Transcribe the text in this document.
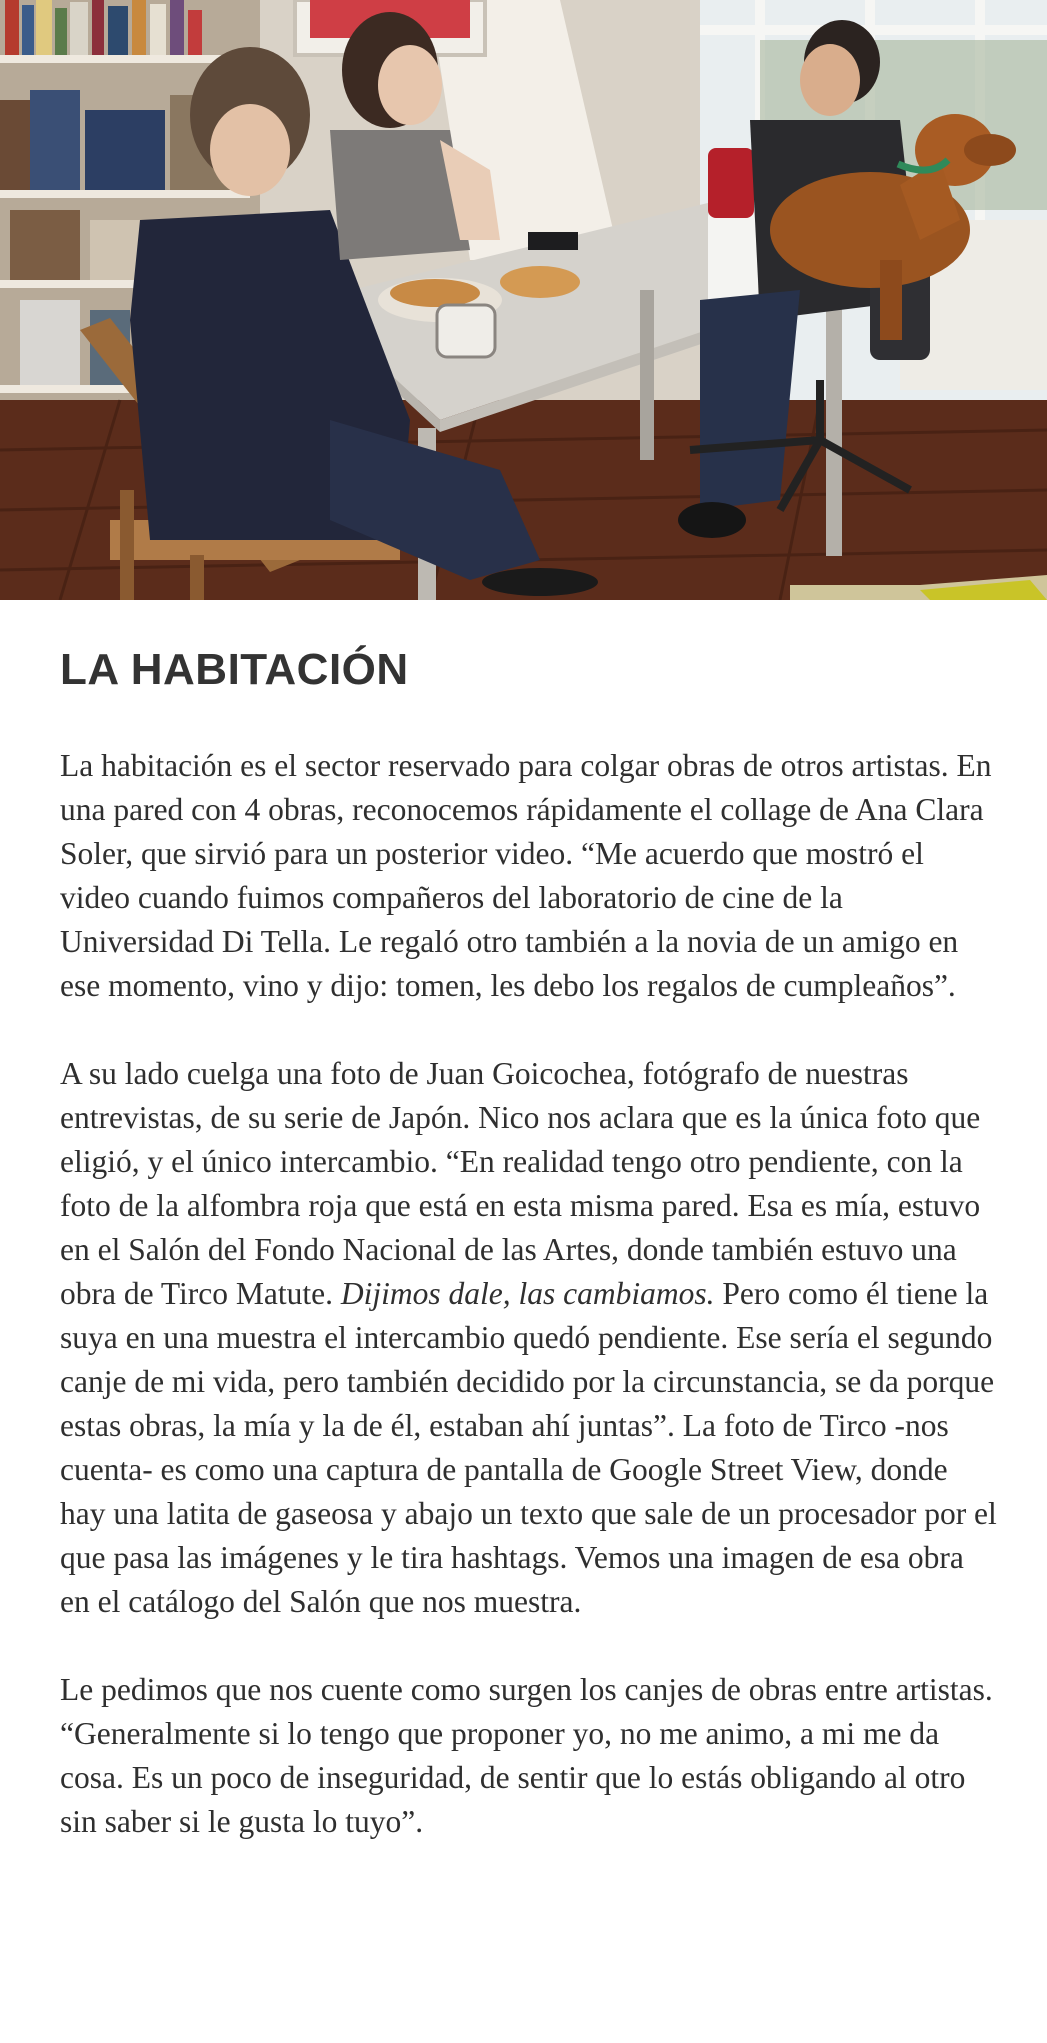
LA HABITACIÓN

La habitación es el sector reservado para colgar obras de otros artistas. En una pared con 4 obras, reconocemos rápidamente el collage de Ana Clara Soler, que sirvió para un posterior video. “Me acuerdo que mostró el video cuando fuimos compañeros del laboratorio de cine de la Universidad Di Tella. Le regaló otro también a la novia de un amigo en ese momento, vino y dijo: tomen, les debo los regalos de cumpleaños”.

A su lado cuelga una foto de Juan Goicochea, fotógrafo de nuestras entrevistas, de su serie de Japón. Nico nos aclara que es la única foto que eligió, y el único intercambio. “En realidad tengo otro pendiente, con la foto de la alfombra roja que está en esta misma pared. Esa es mía, estuvo en el Salón del Fondo Nacional de las Artes, donde también estuvo una obra de Tirco Matute. Dijimos dale, las cambiamos. Pero como él tiene la suya en una muestra el intercambio quedó pendiente. Ese sería el segundo canje de mi vida, pero también decidido por la circunstancia, se da porque estas obras, la mía y la de él, estaban ahí juntas”. La foto de Tirco -nos cuenta- es como una captura de pantalla de Google Street View, donde hay una latita de gaseosa y abajo un texto que sale de un procesador por el que pasa las imágenes y le tira hashtags. Vemos una imagen de esa obra en el catálogo del Salón que nos muestra.

Le pedimos que nos cuente como surgen los canjes de obras entre artistas. “Generalmente si lo tengo que proponer yo, no me animo, a mi me da cosa. Es un poco de inseguridad, de sentir que lo estás obligando al otro sin saber si le gusta lo tuyo”.
